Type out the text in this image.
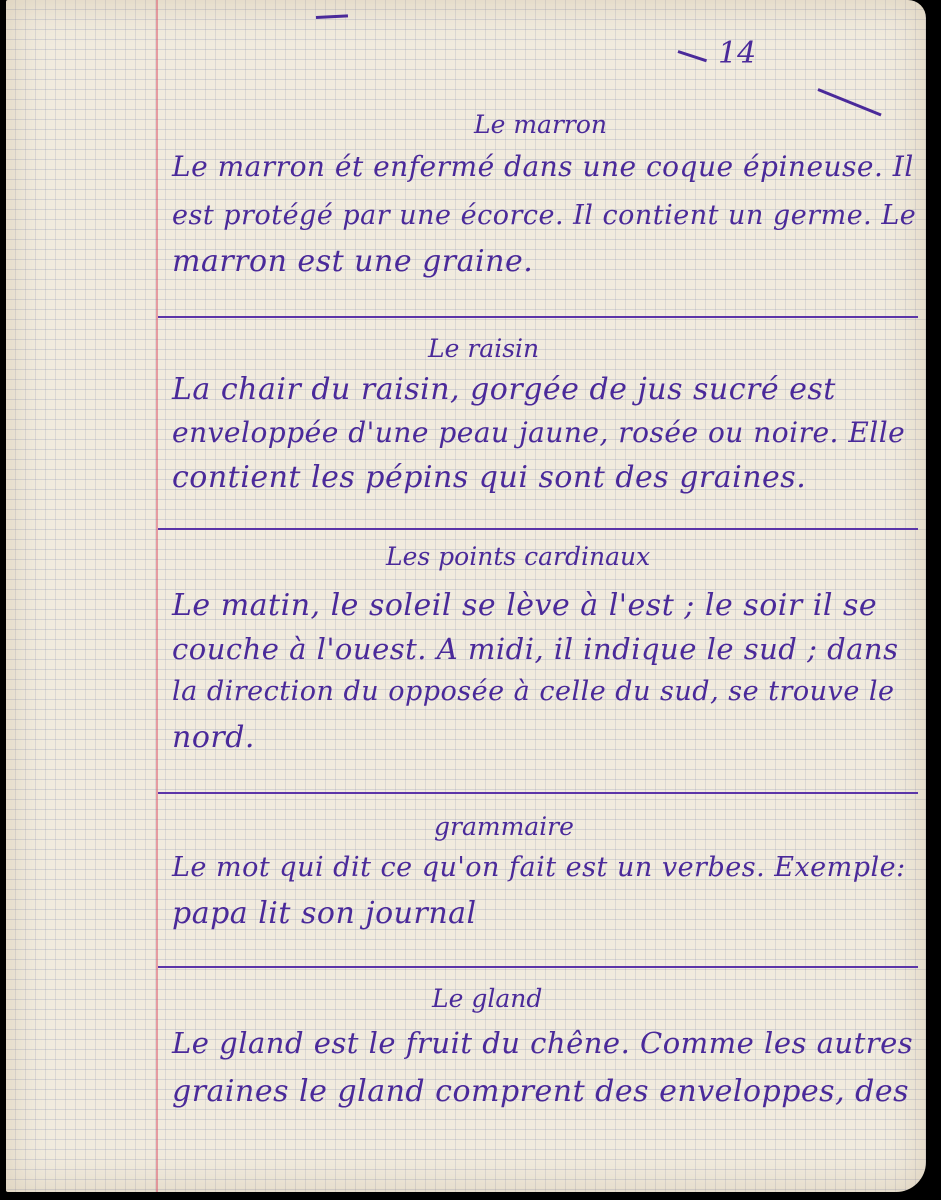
14
Le marron
Le marron ét enfermé dans une coque épineuse. Il
est protégé par une écorce. Il contient un germe. Le
marron est une graine.
Le raisin
La chair du raisin, gorgée de jus sucré est
enveloppée d'une peau jaune, rosée ou noire. Elle
contient les pépins qui sont des graines.
Les points cardinaux
Le matin, le soleil se lève à l'est ; le soir il se
couche à l'ouest. A midi, il indique le sud ; dans
la direction du opposée à celle du sud, se trouve le
nord.
grammaire
Le mot qui dit ce qu'on fait est un verbes. Exemple:
papa lit son journal
Le gland
Le gland est le fruit du chêne. Comme les autres
graines le gland comprent des enveloppes, des
